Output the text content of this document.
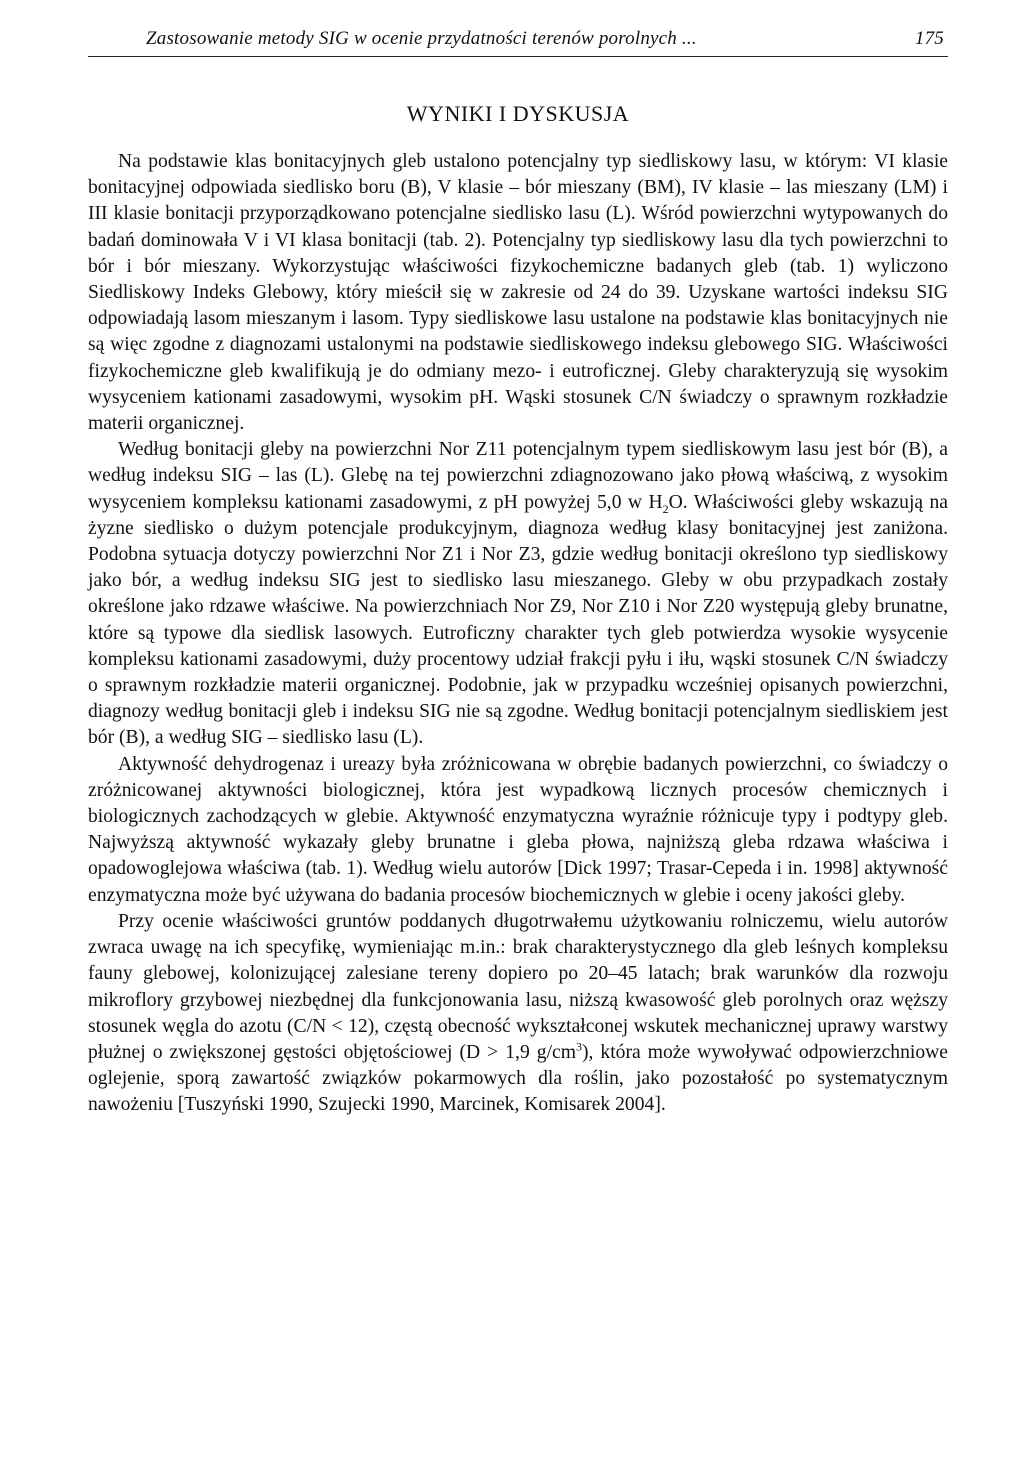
Zastosowanie metody SIG w ocenie przydatności terenów porolnych ...	175
WYNIKI I DYSKUSJA

Na podstawie klas bonitacyjnych gleb ustalono potencjalny typ siedliskowy lasu, w którym: VI klasie bonitacyjnej odpowiada siedlisko boru (B), V klasie – bór mieszany (BM), IV klasie – las mieszany (LM) i III klasie bonitacji przyporządkowano potencjalne siedlisko lasu (L). Wśród powierzchni wytypowanych do badań dominowała V i VI klasa bonitacji (tab. 2). Potencjalny typ siedliskowy lasu dla tych powierzchni to bór i bór mieszany. Wykorzystując właściwości fizykochemiczne badanych gleb (tab. 1) wyliczono Siedliskowy Indeks Glebowy, który mieścił się w zakresie od 24 do 39. Uzyskane wartości indeksu SIG odpowiadają lasom mieszanym i lasom. Typy siedliskowe lasu ustalone na podstawie klas bonitacyjnych nie są więc zgodne z diagnozami ustalonymi na podstawie siedliskowego indeksu glebowego SIG. Właściwości fizykochemiczne gleb kwalifikują je do odmiany mezo- i eutroficznej. Gleby charakteryzują się wysokim wysyceniem kationami zasadowymi, wysokim pH. Wąski stosunek C/N świadczy o sprawnym rozkładzie materii organicznej.

Według bonitacji gleby na powierzchni Nor Z11 potencjalnym typem siedliskowym lasu jest bór (B), a według indeksu SIG – las (L). Glebę na tej powierzchni zdiagnozowano jako płową właściwą, z wysokim wysyceniem kompleksu kationami zasadowymi, z pH powyżej 5,0 w $H_2O$. Właściwości gleby wskazują na żyzne siedlisko o dużym potencjale produkcyjnym, diagnoza według klasy bonitacyjnej jest zaniżona. Podobna sytuacja dotyczy powierzchni Nor Z1 i Nor Z3, gdzie według bonitacji określono typ siedliskowy jako bór, a według indeksu SIG jest to siedlisko lasu mieszanego. Gleby w obu przypadkach zostały określone jako rdzawe właściwe. Na powierzchniach Nor Z9, Nor Z10 i Nor Z20 występują gleby brunatne, które są typowe dla siedlisk lasowych. Eutroficzny charakter tych gleb potwierdza wysokie wysycenie kompleksu kationami zasadowymi, duży procentowy udział frakcji pyłu i iłu, wąski stosunek C/N świadczy o sprawnym rozkładzie materii organicznej. Podobnie, jak w przypadku wcześniej opisanych powierzchni, diagnozy według bonitacji gleb i indeksu SIG nie są zgodne. Według bonitacji potencjalnym siedliskiem jest bór (B), a według SIG – siedlisko lasu (L).

Aktywność dehydrogenaz i ureazy była zróżnicowana w obrębie badanych powierzchni, co świadczy o zróżnicowanej aktywności biologicznej, która jest wypadkową licznych procesów chemicznych i biologicznych zachodzących w glebie. Aktywność enzymatyczna wyraźnie różnicuje typy i podtypy gleb. Najwyższą aktywność wykazały gleby brunatne i gleba płowa, najniższą gleba rdzawa właściwa i opadowoglejowa właściwa (tab. 1). Według wielu autorów [Dick 1997; Trasar-Cepeda i in. 1998] aktywność enzymatyczna może być używana do badania procesów biochemicznych w glebie i oceny jakości gleby.

Przy ocenie właściwości gruntów poddanych długotrwałemu użytkowaniu rolniczemu, wielu autorów zwraca uwagę na ich specyfikę, wymieniając m.in.: brak charakterystycznego dla gleb leśnych kompleksu fauny glebowej, kolonizującej zalesiane tereny dopiero po 20–45 latach; brak warunków dla rozwoju mikroflory grzybowej niezbędnej dla funkcjonowania lasu, niższą kwasowość gleb porolnych oraz węższy stosunek węgla do azotu (C/N < 12), częstą obecność wykształconej wskutek mechanicznej uprawy warstwy płużnej o zwiększonej gęstości objętościowej (D > 1,9 $g/cm^3$), która może wywoływać odpowierzchniowe oglejenie, sporą zawartość związków pokarmowych dla roślin, jako pozostałość po systematycznym nawożeniu [Tuszyński 1990, Szujecki 1990, Marcinek, Komisarek 2004].
